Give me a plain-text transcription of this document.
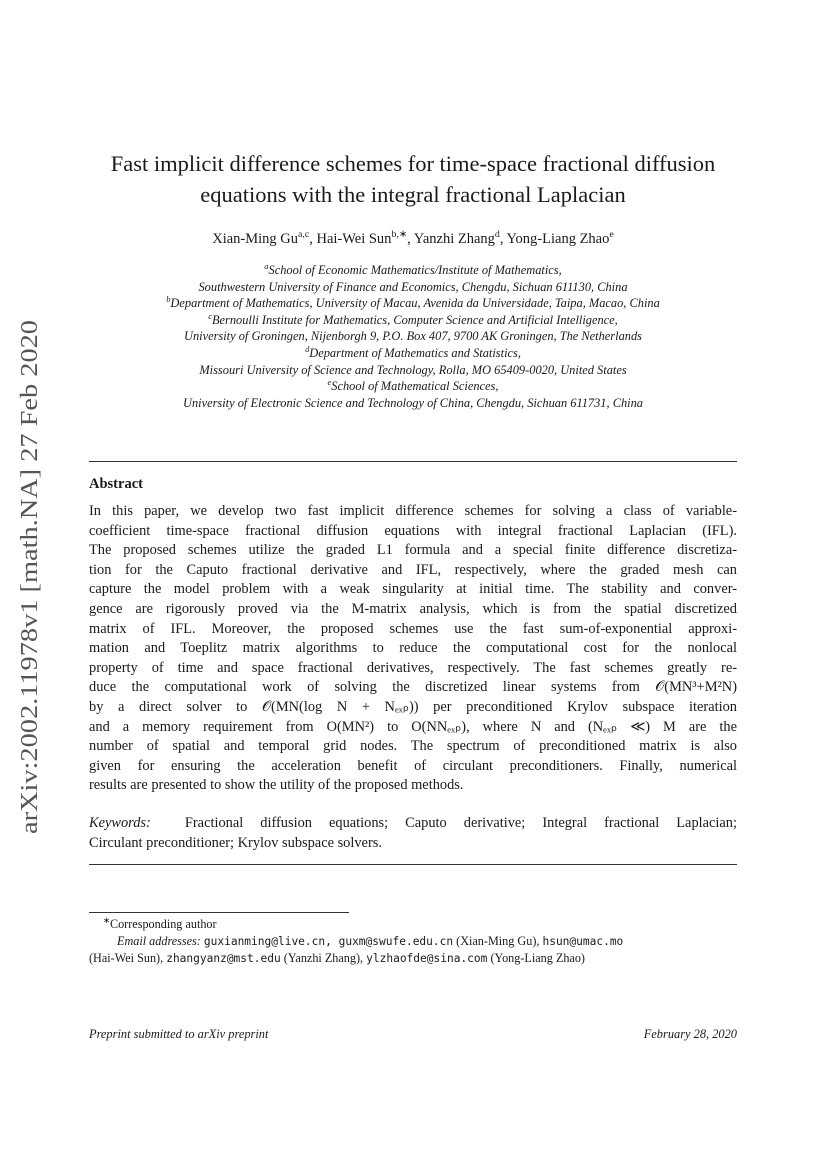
arXiv:2002.11978v1 [math.NA] 27 Feb 2020
Fast implicit difference schemes for time-space fractional diffusion
equations with the integral fractional Laplacian
Xian-Ming Gu$^{a,c}$, Hai-Wei Sun$^{b,∗}$, Yanzhi Zhang$^d$, Yong-Liang Zhao$^e$
$^a$School of Economic Mathematics/Institute of Mathematics,
Southwestern University of Finance and Economics, Chengdu, Sichuan 611130, China
$^b$Department of Mathematics, University of Macau, Avenida da Universidade, Taipa, Macao, China
$^c$Bernoulli Institute for Mathematics, Computer Science and Artificial Intelligence,
University of Groningen, Nijenborgh 9, P.O. Box 407, 9700 AK Groningen, The Netherlands
$^d$Department of Mathematics and Statistics,
Missouri University of Science and Technology, Rolla, MO 65409-0020, United States
$^e$School of Mathematical Sciences,
University of Electronic Science and Technology of China, Chengdu, Sichuan 611731, China
Abstract
In this paper, we develop two fast implicit difference schemes for solving a class of variable-
coefficient time-space fractional diffusion equations with integral fractional Laplacian (IFL).
The proposed schemes utilize the graded L1 formula and a special finite difference discretiza-
tion for the Caputo fractional derivative and IFL, respectively, where the graded mesh can
capture the model problem with a weak singularity at initial time. The stability and conver-
gence are rigorously proved via the M-matrix analysis, which is from the spatial discretized
matrix of IFL. Moreover, the proposed schemes use the fast sum-of-exponential approxi-
mation and Toeplitz matrix algorithms to reduce the computational cost for the nonlocal
property of time and space fractional derivatives, respectively. The fast schemes greatly re-
duce the computational work of solving the discretized linear systems from 𝒪(MN³+M²N)
by a direct solver to 𝒪(MN(log N + Nₑₓₚ)) per preconditioned Krylov subspace iteration
and a memory requirement from O(MN²) to O(NNₑₓₚ), where N and (Nₑₓₚ ≪) M are the
number of spatial and temporal grid nodes. The spectrum of preconditioned matrix is also
given for ensuring the acceleration benefit of circulant preconditioners. Finally, numerical
results are presented to show the utility of the proposed methods.
Keywords: Fractional diffusion equations; Caputo derivative; Integral fractional Laplacian;
Circulant preconditioner; Krylov subspace solvers.
∗Corresponding author
Email addresses: guxianming@live.cn, guxm@swufe.edu.cn (Xian-Ming Gu), hsun@umac.mo
(Hai-Wei Sun), zhangyanz@mst.edu (Yanzhi Zhang), ylzhaofde@sina.com (Yong-Liang Zhao)
Preprint submitted to arXiv preprint	February 28, 2020
